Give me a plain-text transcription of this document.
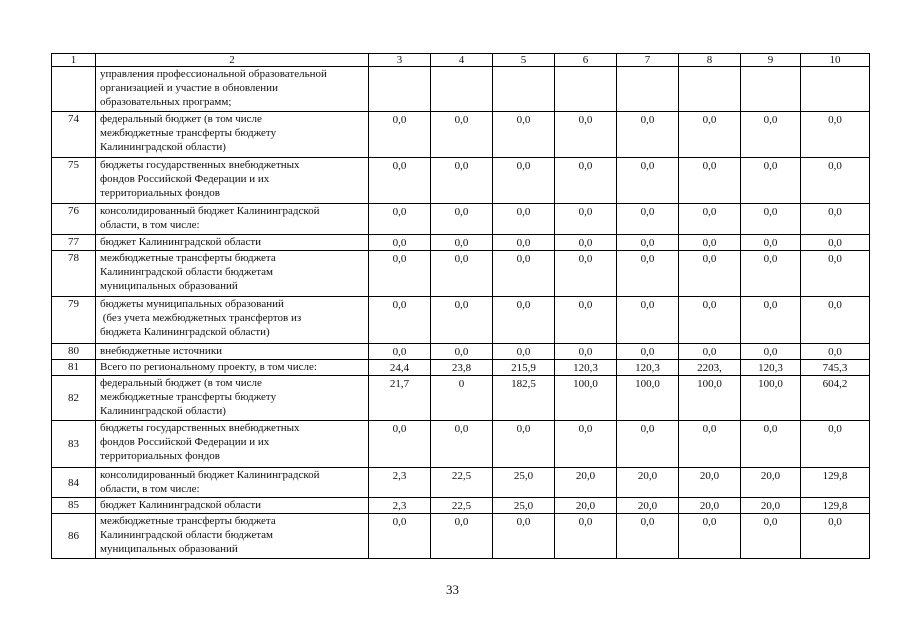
1	2	3	4	5	6	7	8	9	10

	управления профессиональной образовательной
организацией и участие в обновлении
образовательных программ;								

74	федеральный бюджет (в том числе
межбюджетные трансферты бюджету
Калининградской области)	0,0	0,0	0,0	0,0	0,0	0,0	0,0	0,0
75	бюджеты государственных внебюджетных
фондов Российской Федерации и их
территориальных фондов	0,0	0,0	0,0	0,0	0,0	0,0	0,0	0,0
76	консолидированный бюджет Калининградской
области, в том числе:	0,0	0,0	0,0	0,0	0,0	0,0	0,0	0,0
77	бюджет Калининградской области	0,0	0,0	0,0	0,0	0,0	0,0	0,0	0,0
78	межбюджетные трансферты бюджета
Калининградской области бюджетам
муниципальных образований	0,0	0,0	0,0	0,0	0,0	0,0	0,0	0,0
79	бюджеты муниципальных образований
(без учета межбюджетных трансфертов из
бюджета Калининградской области)	0,0	0,0	0,0	0,0	0,0	0,0	0,0	0,0
80	внебюджетные источники	0,0	0,0	0,0	0,0	0,0	0,0	0,0	0,0
81	Всего по региональному проекту, в том числе:	24,4	23,8	215,9	120,3	120,3	2203,	120,3	745,3
82	федеральный бюджет (в том числе
межбюджетные трансферты бюджету
Калининградской области)	21,7	0	182,5	100,0	100,0	100,0	100,0	604,2
83	бюджеты государственных внебюджетных
фондов Российской Федерации и их
территориальных фондов	0,0	0,0	0,0	0,0	0,0	0,0	0,0	0,0
84	консолидированный бюджет Калининградской
области, в том числе:	2,3	22,5	25,0	20,0	20,0	20,0	20,0	129,8
85	бюджет Калининградской области	2,3	22,5	25,0	20,0	20,0	20,0	20,0	129,8
86	межбюджетные трансферты бюджета
Калининградской области бюджетам
муниципальных образований	0,0	0,0	0,0	0,0	0,0	0,0	0,0	0,0
33
